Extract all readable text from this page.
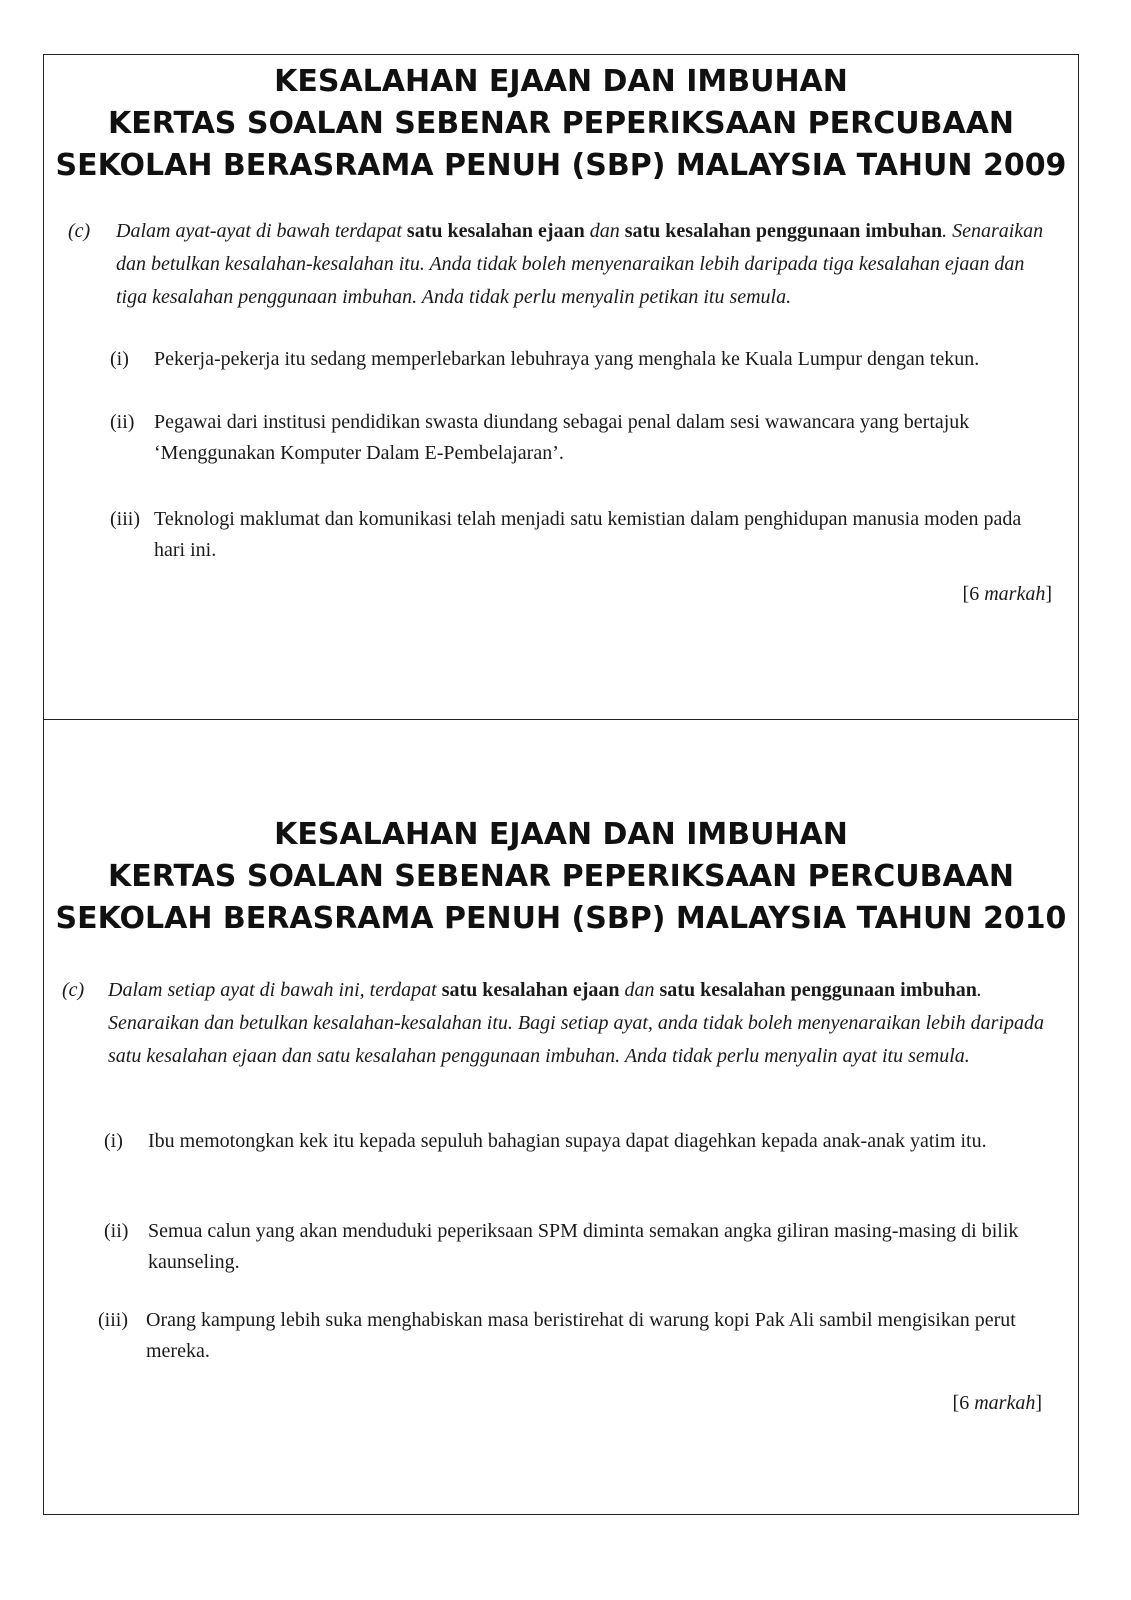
KESALAHAN EJAAN DAN IMBUHAN
KERTAS SOALAN SEBENAR PEPERIKSAAN PERCUBAAN
SEKOLAH BERASRAMA PENUH (SBP) MALAYSIA TAHUN 2009
(c) Dalam ayat-ayat di bawah terdapat satu kesalahan ejaan dan satu kesalahan penggunaan imbuhan. Senaraikan dan betulkan kesalahan-kesalahan itu. Anda tidak boleh menyenaraikan lebih daripada tiga kesalahan ejaan dan tiga kesalahan penggunaan imbuhan. Anda tidak perlu menyalin petikan itu semula.
(i) Pekerja-pekerja itu sedang memperlebarkan lebuhraya yang menghala ke Kuala Lumpur dengan tekun.
(ii) Pegawai dari institusi pendidikan swasta diundang sebagai penal dalam sesi wawancara yang bertajuk ‘Menggunakan Komputer Dalam E-Pembelajaran’.
(iii) Teknologi maklumat dan komunikasi telah menjadi satu kemistian dalam penghidupan manusia moden pada hari ini.
[6 markah]
KESALAHAN EJAAN DAN IMBUHAN
KERTAS SOALAN SEBENAR PEPERIKSAAN PERCUBAAN
SEKOLAH BERASRAMA PENUH (SBP) MALAYSIA TAHUN 2010
(c) Dalam setiap ayat di bawah ini, terdapat satu kesalahan ejaan dan satu kesalahan penggunaan imbuhan. Senaraikan dan betulkan kesalahan-kesalahan itu. Bagi setiap ayat, anda tidak boleh menyenaraikan lebih daripada satu kesalahan ejaan dan satu kesalahan penggunaan imbuhan. Anda tidak perlu menyalin ayat itu semula.
(i) Ibu memotongkan kek itu kepada sepuluh bahagian supaya dapat diagehkan kepada anak-anak yatim itu.
(ii) Semua calun yang akan menduduki peperiksaan SPM diminta semakan angka giliran masing-masing di bilik kaunseling.
(iii) Orang kampung lebih suka menghabiskan masa beristirehat di warung kopi Pak Ali sambil mengisikan perut mereka.
[6 markah]
